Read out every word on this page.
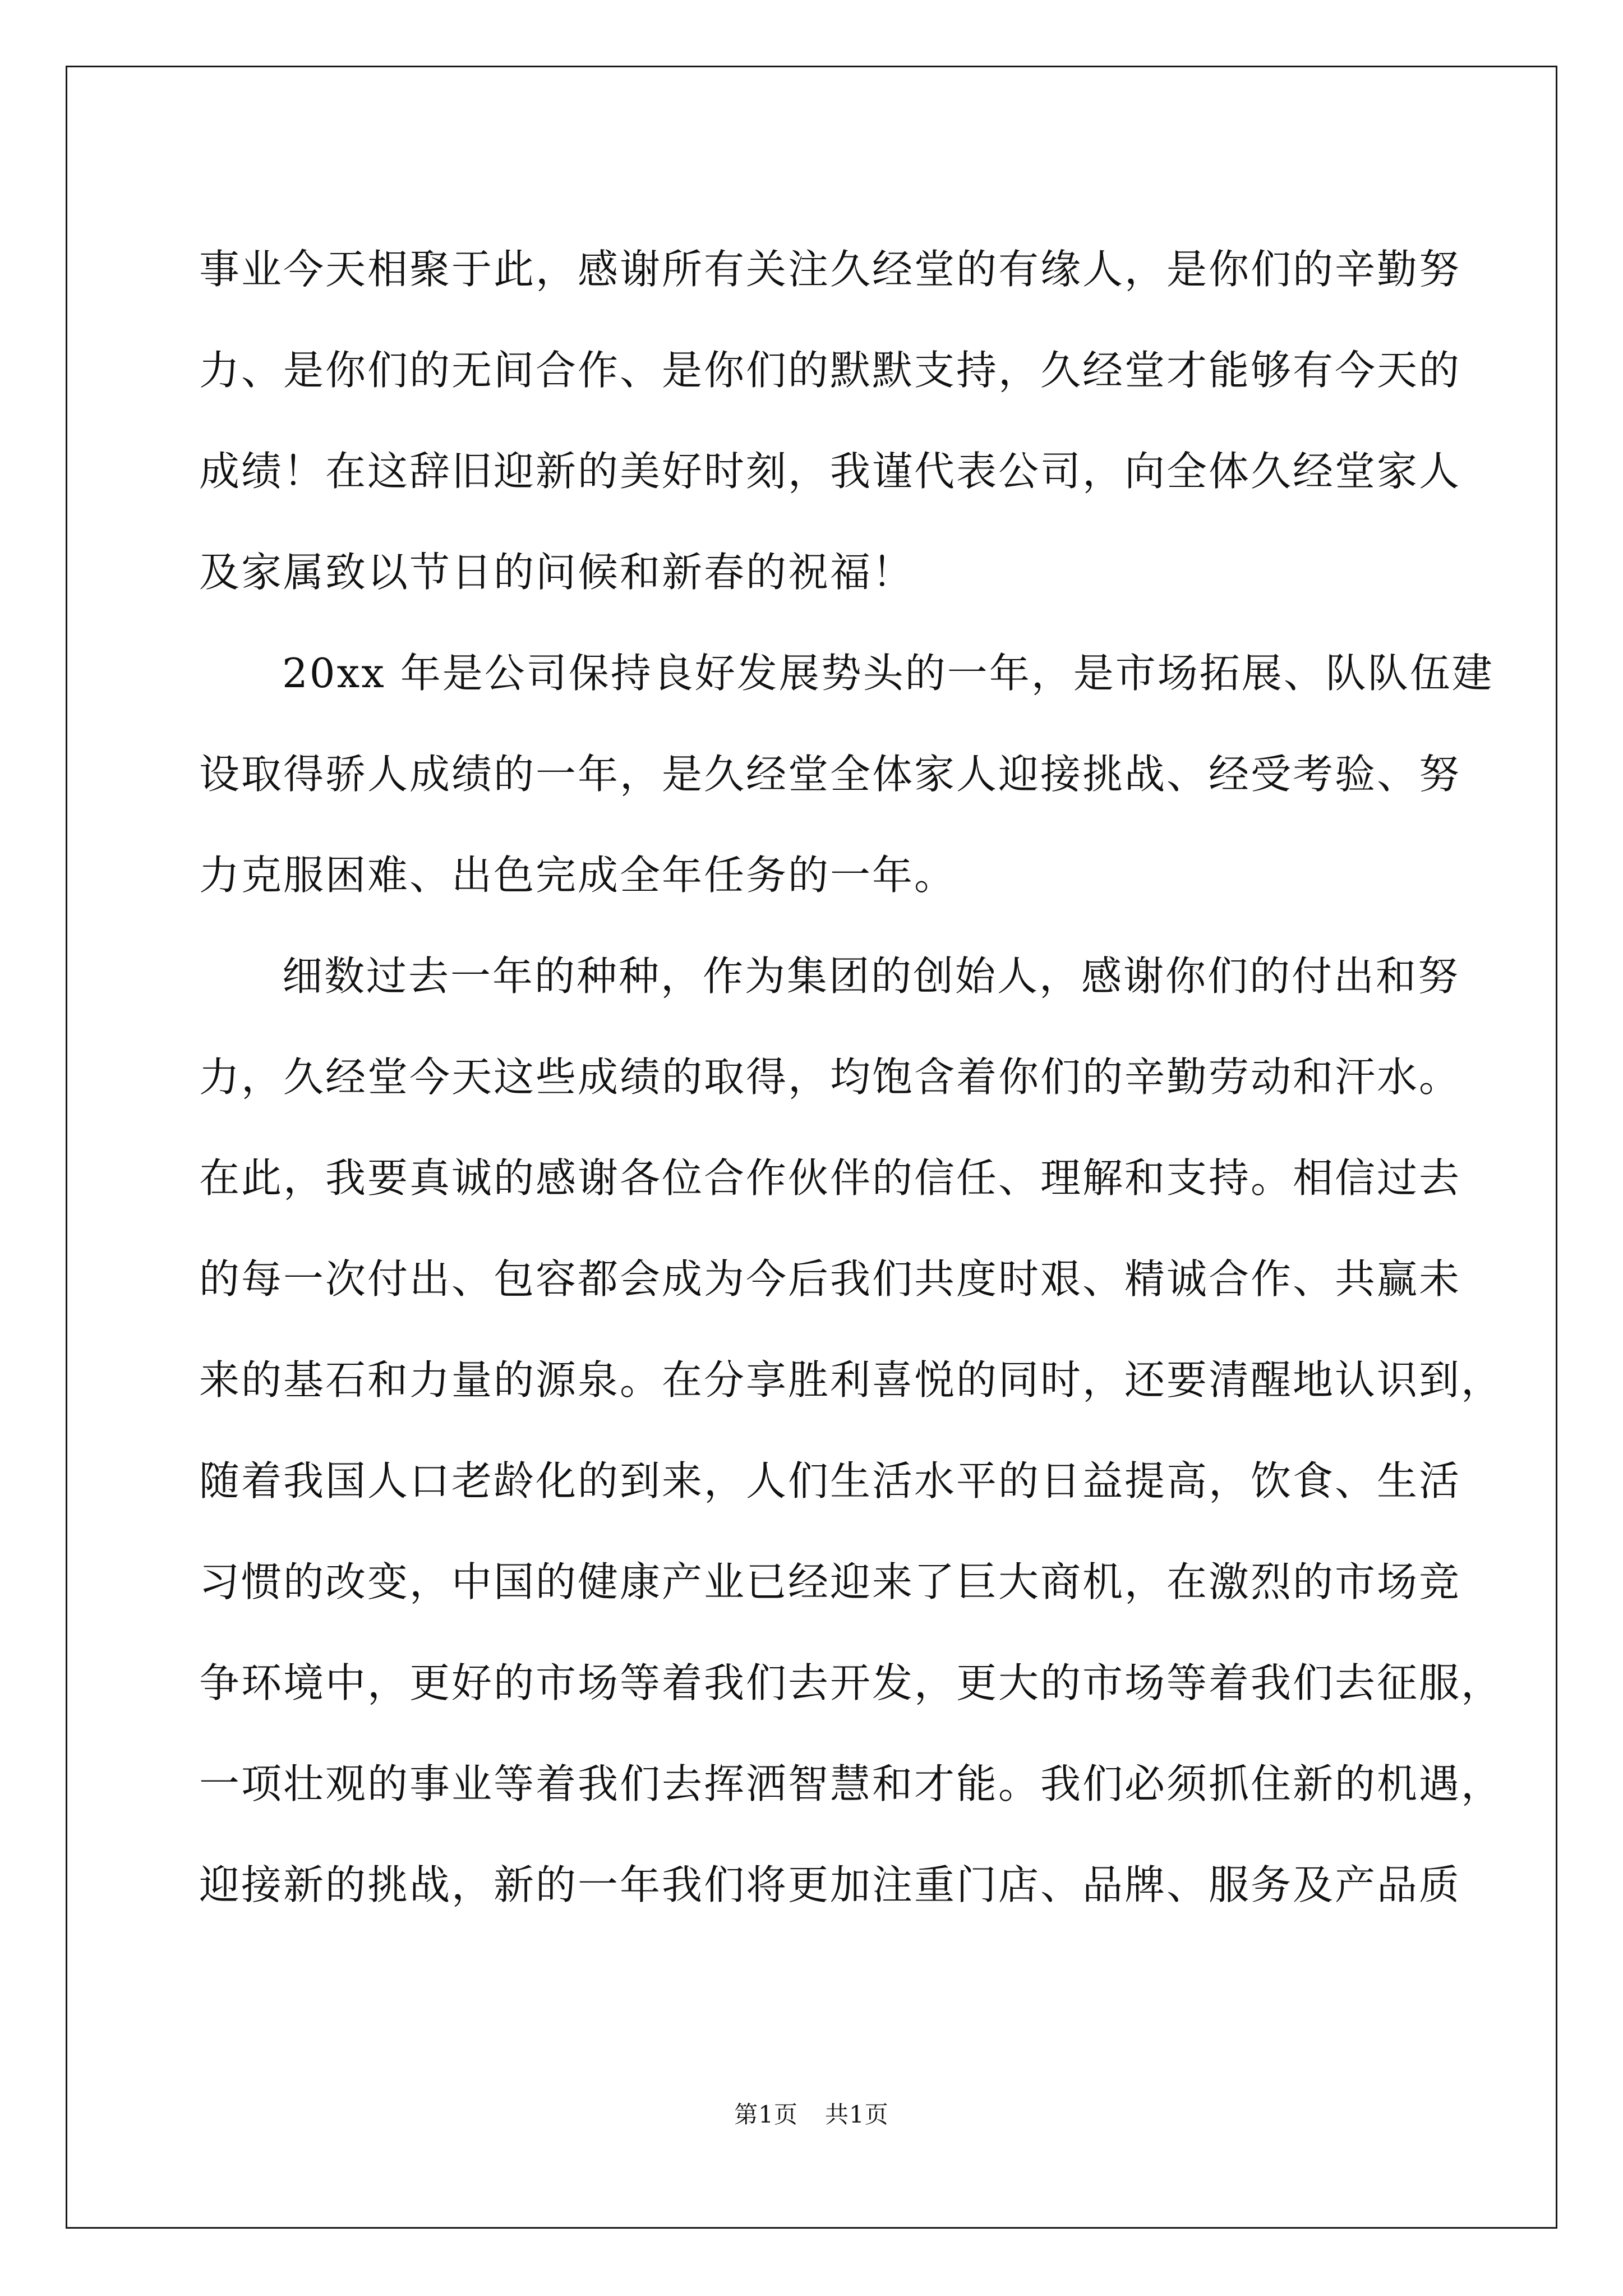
事业今天相聚于此，感谢所有关注久经堂的有缘人，是你们的辛勤努
力、是你们的无间合作、是你们的默默支持，久经堂才能够有今天的
成绩！在这辞旧迎新的美好时刻，我谨代表公司，向全体久经堂家人
及家属致以节日的问候和新春的祝福！
20xx 年是公司保持良好发展势头的一年，是市场拓展、队队伍建
设取得骄人成绩的一年，是久经堂全体家人迎接挑战、经受考验、努
力克服困难、出色完成全年任务的一年。
细数过去一年的种种，作为集团的创始人，感谢你们的付出和努
力，久经堂今天这些成绩的取得，均饱含着你们的辛勤劳动和汗水。
在此，我要真诚的感谢各位合作伙伴的信任、理解和支持。相信过去
的每一次付出、包容都会成为今后我们共度时艰、精诚合作、共赢未
来的基石和力量的源泉。在分享胜利喜悦的同时，还要清醒地认识到，
随着我国人口老龄化的到来，人们生活水平的日益提高，饮食、生活
习惯的改变，中国的健康产业已经迎来了巨大商机，在激烈的市场竞
争环境中，更好的市场等着我们去开发，更大的市场等着我们去征服，
一项壮观的事业等着我们去挥洒智慧和才能。我们必须抓住新的机遇，
迎接新的挑战，新的一年我们将更加注重门店、品牌、服务及产品质
第1页 共1页
